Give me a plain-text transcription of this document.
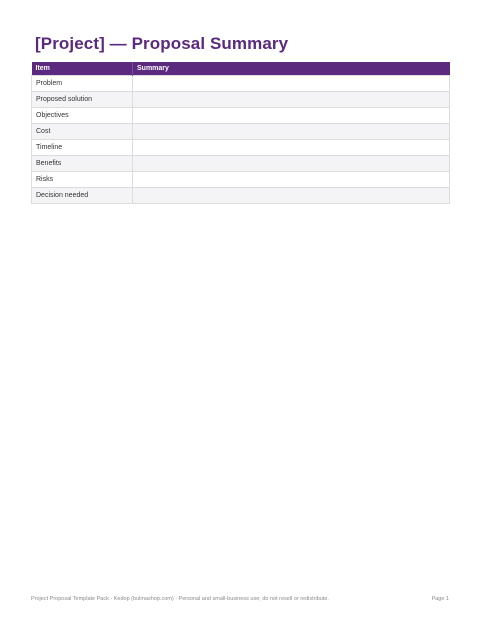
[Project] — Proposal Summary
Item	Summary
Problem	
Proposed solution	
Objectives	
Cost	
Timeline	
Benefits	
Risks	
Decision needed	
Project Proposal Template Pack · Kedop (bulmashop.com) · Personal and small-business use; do not resell or redistribute.	Page 1
